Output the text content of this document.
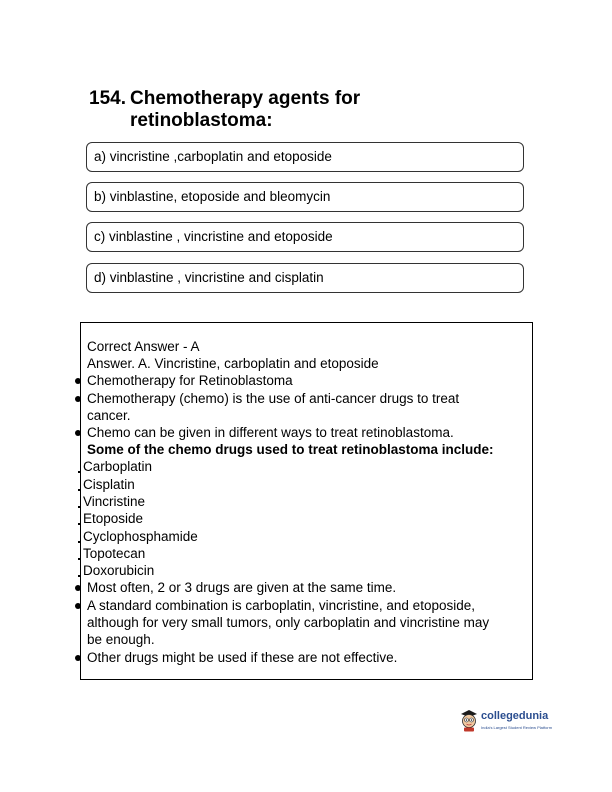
154. Chemotherapy agents for retinoblastoma:
a) vincristine ,carboplatin and etoposide
b) vinblastine, etoposide and bleomycin
c) vinblastine , vincristine and etoposide
d) vinblastine , vincristine and cisplatin
Correct Answer - A
Answer. A. Vincristine, carboplatin and etoposide
Chemotherapy for Retinoblastoma
Chemotherapy (chemo) is the use of anti-cancer drugs to treat
cancer.
Chemo can be given in different ways to treat retinoblastoma.
Some of the chemo drugs used to treat retinoblastoma include:
Carboplatin
Cisplatin
Vincristine
Etoposide
Cyclophosphamide
Topotecan
Doxorubicin
Most often, 2 or 3 drugs are given at the same time.
A standard combination is carboplatin, vincristine, and etoposide,
although for very small tumors, only carboplatin and vincristine may
be enough.
Other drugs might be used if these are not effective.
collegedunia
India's Largest Student Review Platform
